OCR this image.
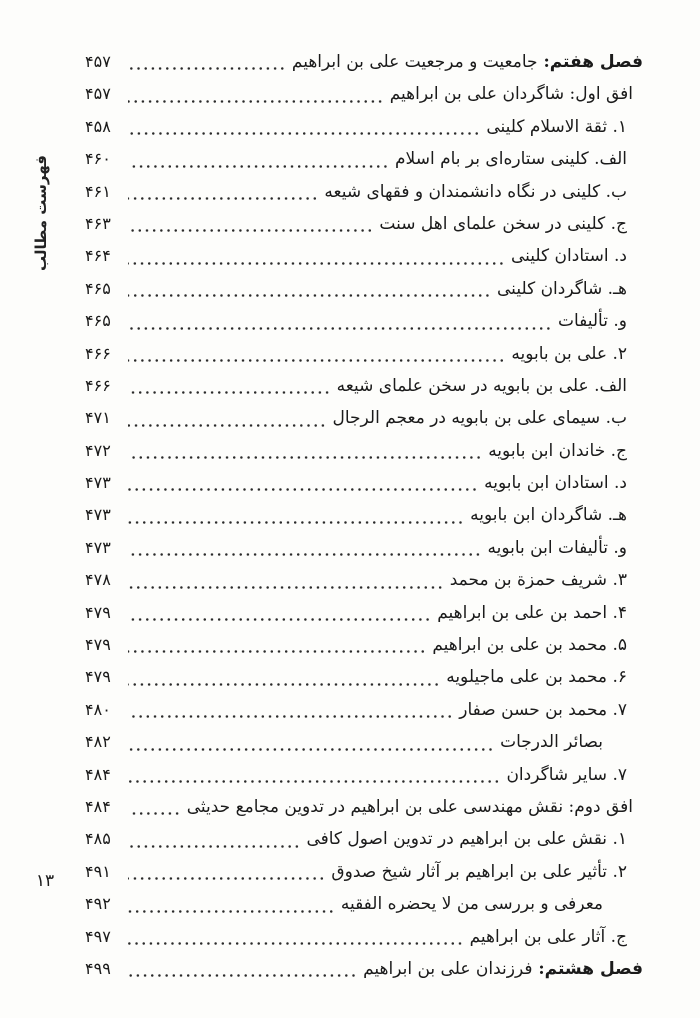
فهرست مطالب
۱۳
فصل هفتم: جامعیت و مرجعیت علی بن ابراهیم
۴۵۷
افق اول: شاگردان علی بن ابراهیم
۴۵۷
۱. ثقة الاسلام کلینی
۴۵۸
الف. کلینی ستاره‌ای بر بام اسلام
۴۶۰
ب. کلینی در نگاه دانشمندان و فقهای شیعه
۴۶۱
ج. کلینی در سخن علمای اهل سنت
۴۶۳
د. استادان کلینی
۴۶۴
هـ. شاگردان کلینی
۴۶۵
و. تألیفات
۴۶۵
۲. علی بن بابویه
۴۶۶
الف. علی بن بابویه در سخن علمای شیعه
۴۶۶
ب. سیمای علی بن بابویه در معجم الرجال
۴۷۱
ج. خاندان ابن بابویه
۴۷۲
د. استادان ابن بابویه
۴۷۳
هـ. شاگردان ابن بابویه
۴۷۳
و. تألیفات ابن بابویه
۴۷۳
۳. شریف حمزة بن محمد
۴۷۸
۴. احمد بن علی بن ابراهیم
۴۷۹
۵. محمد بن علی بن ابراهیم
۴۷۹
۶. محمد بن علی ماجیلویه
۴۷۹
۷. محمد بن حسن صفار
۴۸۰
بصائر الدرجات
۴۸۲
۷. سایر شاگردان
۴۸۴
افق دوم: نقش مهندسی علی بن ابراهیم در تدوین مجامع حدیثی
۴۸۴
۱. نقش علی بن ابراهیم در تدوین اصول کافی
۴۸۵
۲. تأثیر علی بن ابراهیم بر آثار شیخ صدوق
۴۹۱
معرفی و بررسی من لا یحضره الفقیه
۴۹۲
ج. آثار علی بن ابراهیم
۴۹۷
فصل هشتم: فرزندان علی بن ابراهیم
۴۹۹
